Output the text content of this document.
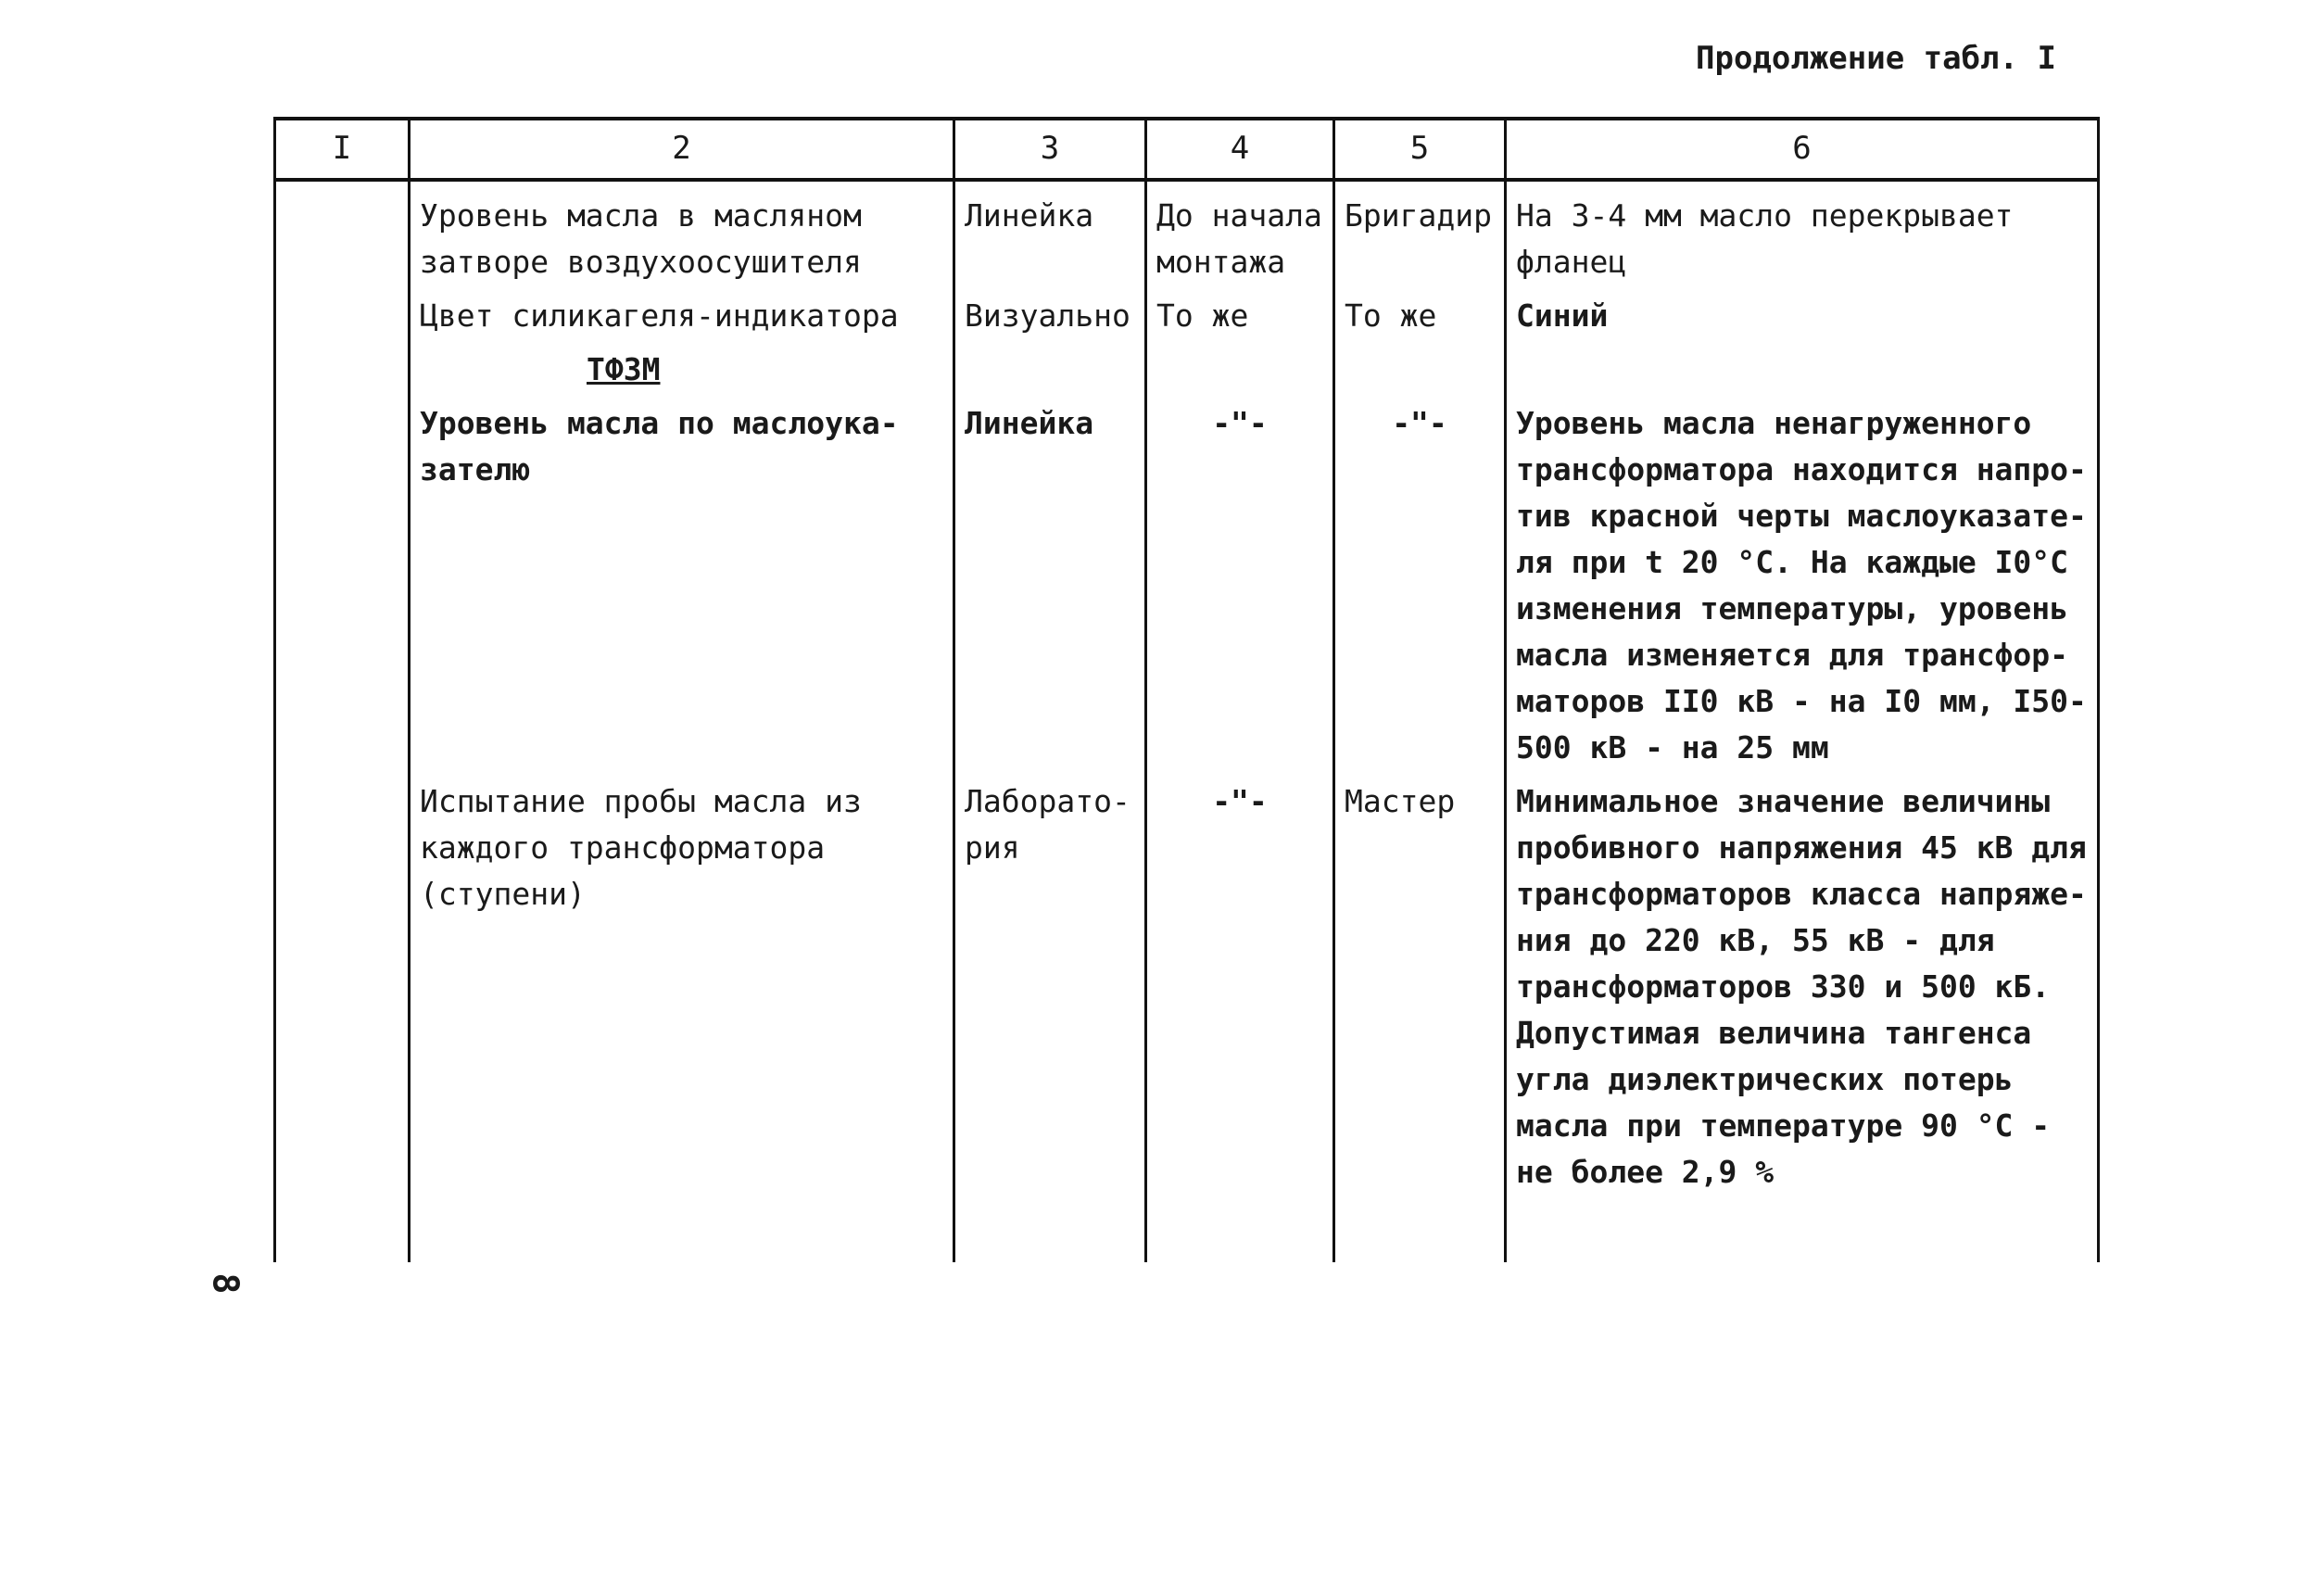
Продолжение табл. I
I	2	3	4	5	6
	Уровень масла в масляном затворе воздухоосушителя	Линейка	До начала монтажа	Бригадир	На 3-4 мм масло перекрывает фланец
	Цвет силикагеля-индикатора	Визуально	То же	То же	Синий
	ТФЗМ				
	Уровень масла по маслоука-зателю	Линейка	-"-	-"-	Уровень масла ненагруженного трансформатора находится напро-тив красной черты маслоуказате-ля при t 20 °С. На каждые I0°С изменения температуры, уровень масла изменяется для трансфор-маторов II0 кВ - на I0 мм, I50-500 кВ - на 25 мм
	Испытание пробы масла из каждого трансформатора (ступени)	Лаборато-рия	-"-	Мастер	Минимальное значение величины пробивного напряжения 45 кВ для трансформаторов класса напряже-ния до 220 кВ, 55 кВ - для трансформаторов 330 и 500 кБ. Допустимая величина тангенса угла диэлектрических потерь масла при температуре 90 °С - не более 2,9 %

8
